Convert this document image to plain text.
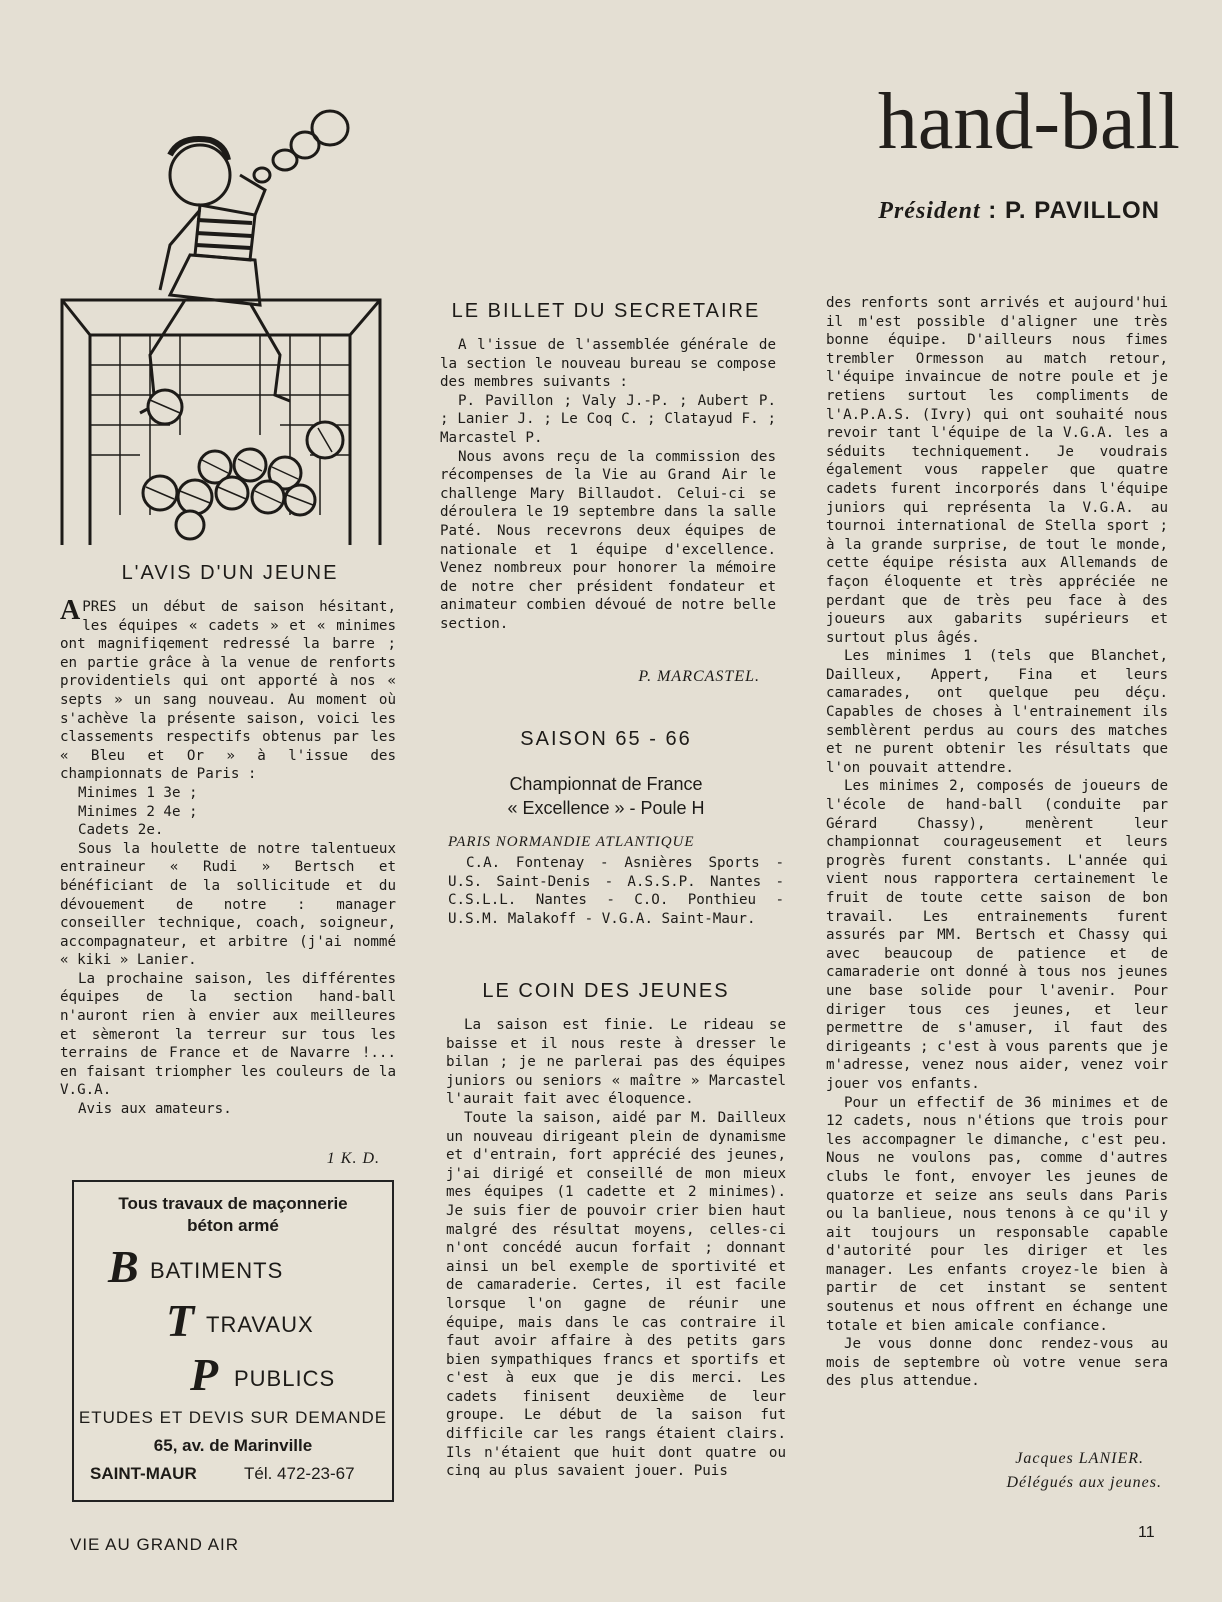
hand-ball
Président : P. PAVILLON
L'AVIS D'UN JEUNE

APRES un début de saison hésitant, les équipes « cadets » et « minimes ont magnifiqement redressé la barre ; en partie grâce à la venue de renforts providentiels qui ont apporté à nos « septs » un sang nouveau. Au moment où s'achève la présente saison, voici les classements respectifs obtenus par les « Bleu et Or » à l'issue des championnats de Paris :

Minimes 1 3e ;
Minimes 2 4e ;
Cadets 2e.

Sous la houlette de notre talentueux entraineur « Rudi » Bertsch et bénéficiant de la sollicitude et du dévouement de notre : manager conseiller technique, coach, soigneur, accompagnateur, et arbitre (j'ai nommé « kiki » Lanier.

La prochaine saison, les différentes équipes de la section hand-ball n'auront rien à envier aux meilleures et sèmeront la terreur sur tous les terrains de France et de Navarre !... en faisant triompher les couleurs de la V.G.A.

Avis aux amateurs.

1 K. D.
Tous travaux de maçonnerie
béton armé
B BATIMENTS
T TRAVAUX
P PUBLICS
ETUDES ET DEVIS SUR DEMANDE
65, av. de Marinville
SAINT-MAUR	Tél. 472-23-67
LE BILLET DU SECRETAIRE

A l'issue de l'assemblée générale de la section le nouveau bureau se compose des membres suivants :

P. Pavillon ; Valy J.-P. ; Aubert P. ; Lanier J. ; Le Coq C. ; Clatayud F. ; Marcastel P.

Nous avons reçu de la commission des récompenses de la Vie au Grand Air le challenge Mary Billaudot. Celui-ci se déroulera le 19 septembre dans la salle Paté. Nous recevrons deux équipes de nationale et 1 équipe d'excellence. Venez nombreux pour honorer la mémoire de notre cher président fondateur et animateur combien dévoué de notre belle section.

P. MARCASTEL.
SAISON 65 - 66
Championnat de France
« Excellence » - Poule H
PARIS NORMANDIE ATLANTIQUE

C.A. Fontenay - Asnières Sports - U.S. Saint-Denis - A.S.S.P. Nantes - C.S.L.L. Nantes - C.O. Ponthieu - U.S.M. Malakoff - V.G.A. Saint-Maur.

LE COIN DES JEUNES

La saison est finie. Le rideau se baisse et il nous reste à dresser le bilan ; je ne parlerai pas des équipes juniors ou seniors « maître » Marcastel l'aurait fait avec éloquence.

Toute la saison, aidé par M. Dailleux un nouveau dirigeant plein de dynamisme et d'entrain, fort apprécié des jeunes, j'ai dirigé et conseillé de mon mieux mes équipes (1 cadette et 2 minimes). Je suis fier de pouvoir crier bien haut malgré des résultat moyens, celles-ci n'ont concédé aucun forfait ; donnant ainsi un bel exemple de sportivité et de camaraderie. Certes, il est facile lorsque l'on gagne de réunir une équipe, mais dans le cas contraire il faut avoir affaire à des petits gars bien sympathiques francs et sportifs et c'est à eux que je dis merci. Les cadets finisent deuxième de leur groupe. Le début de la saison fut difficile car les rangs étaient clairs. Ils n'étaient que huit dont quatre ou cinq au plus savaient jouer. Puis

des renforts sont arrivés et aujourd'hui il m'est possible d'aligner une très bonne équipe. D'ailleurs nous fimes trembler Ormesson au match retour, l'équipe invaincue de notre poule et je retiens surtout les compliments de l'A.P.A.S. (Ivry) qui ont souhaité nous revoir tant l'équipe de la V.G.A. les a séduits techniquement. Je voudrais également vous rappeler que quatre cadets furent incorporés dans l'équipe juniors qui représenta la V.G.A. au tournoi international de Stella sport ; à la grande surprise, de tout le monde, cette équipe résista aux Allemands de façon éloquente et très appréciée ne perdant que de très peu face à des joueurs aux gabarits supérieurs et surtout plus âgés.

Les minimes 1 (tels que Blanchet, Dailleux, Appert, Fina et leurs camarades, ont quelque peu déçu. Capables de choses à l'entrainement ils semblèrent perdus au cours des matches et ne purent obtenir les résultats que l'on pouvait attendre.

Les minimes 2, composés de joueurs de l'école de hand-ball (conduite par Gérard Chassy), menèrent leur championnat courageusement et leurs progrès furent constants. L'année qui vient nous rapportera certainement le fruit de toute cette saison de bon travail. Les entrainements furent assurés par MM. Bertsch et Chassy qui avec beaucoup de patience et de camaraderie ont donné à tous nos jeunes une base solide pour l'avenir. Pour diriger tous ces jeunes, et leur permettre de s'amuser, il faut des dirigeants ; c'est à vous parents que je m'adresse, venez nous aider, venez voir jouer vos enfants.

Pour un effectif de 36 minimes et de 12 cadets, nous n'étions que trois pour les accompagner le dimanche, c'est peu. Nous ne voulons pas, comme d'autres clubs le font, envoyer les jeunes de quatorze et seize ans seuls dans Paris ou la banlieue, nous tenons à ce qu'il y ait toujours un responsable capable d'autorité pour les diriger et les manager. Les enfants croyez-le bien à partir de cet instant se sentent soutenus et nous offrent en échange une totale et bien amicale confiance.

Je vous donne donc rendez-vous au mois de septembre où votre venue sera des plus attendue.

Jacques LANIER.
Délégués aux jeunes.
VIE AU GRAND AIR
11
